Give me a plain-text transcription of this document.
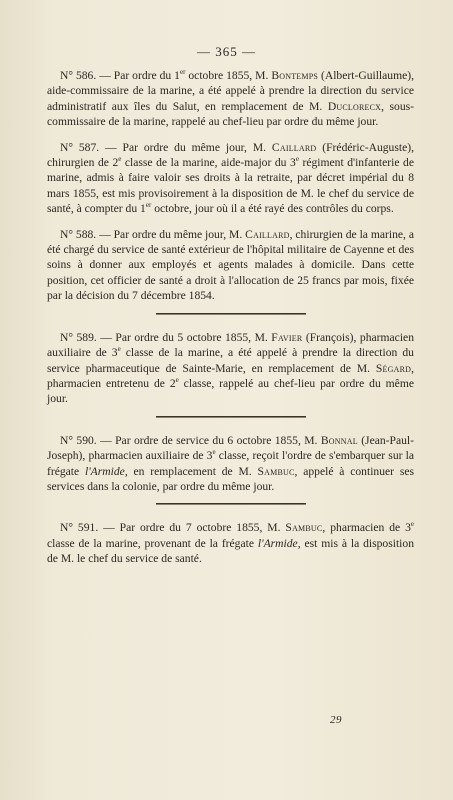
— 365 —

N° 586. — Par ordre du 1er octobre 1855, M. Bontemps (Albert-Guillaume), aide-commissaire de la marine, a été appelé à prendre la direction du service administratif aux îles du Salut, en remplacement de M. Duclorecx, sous-commissaire de la marine, rappelé au chef-lieu par ordre du même jour.

N° 587. — Par ordre du même jour, M. Caillard (Frédéric-Auguste), chirurgien de 2e classe de la marine, aide-major du 3e régiment d'infanterie de marine, admis à faire valoir ses droits à la retraite, par décret impérial du 8 mars 1855, est mis provisoirement à la disposition de M. le chef du service de santé, à compter du 1er octobre, jour où il a été rayé des contrôles du corps.

N° 588. — Par ordre du même jour, M. Caillard, chirurgien de la marine, a été chargé du service de santé extérieur de l'hôpital militaire de Cayenne et des soins à donner aux employés et agents malades à domicile. Dans cette position, cet officier de santé a droit à l'allocation de 25 francs par mois, fixée par la décision du 7 décembre 1854.

N° 589. — Par ordre du 5 octobre 1855, M. Favier (François), pharmacien auxiliaire de 3e classe de la marine, a été appelé à prendre la direction du service pharmaceutique de Sainte-Marie, en remplacement de M. Ségard, pharmacien entretenu de 2e classe, rappelé au chef-lieu par ordre du même jour.

N° 590. — Par ordre de service du 6 octobre 1855, M. Bonnal (Jean-Paul-Joseph), pharmacien auxiliaire de 3e classe, reçoit l'ordre de s'embarquer sur la frégate l'Armide, en remplacement de M. Sambuc, appelé à continuer ses services dans la colonie, par ordre du même jour.

N° 591. — Par ordre du 7 octobre 1855, M. Sambuc, pharmacien de 3e classe de la marine, provenant de la frégate l'Armide, est mis à la disposition de M. le chef du service de santé.

29
